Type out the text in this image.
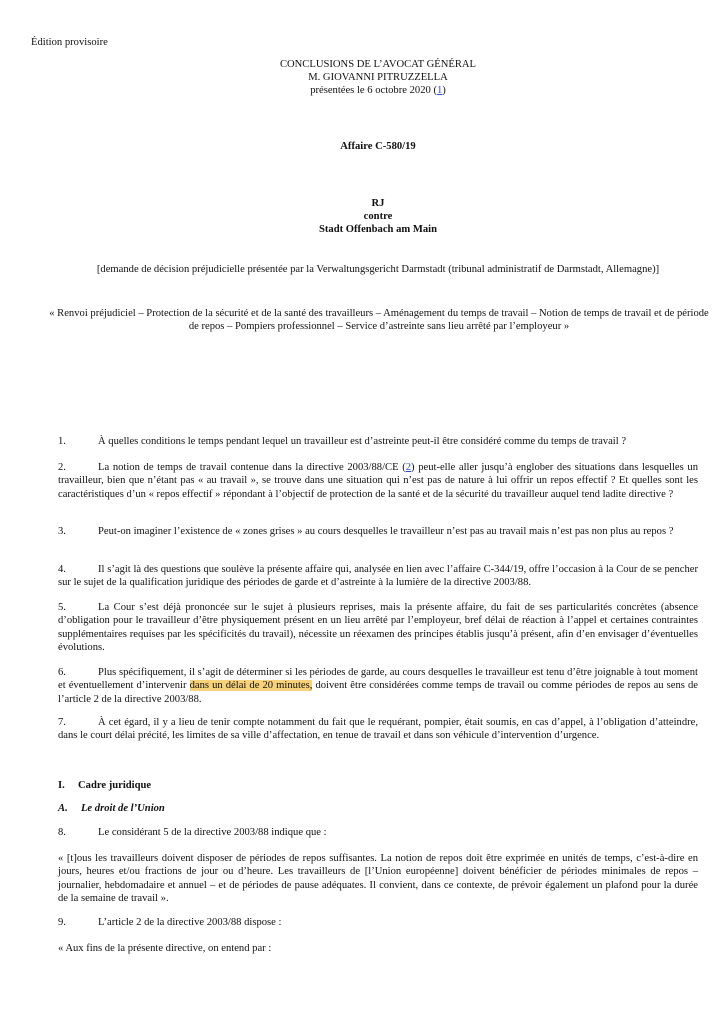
Édition provisoire
CONCLUSIONS DE L’AVOCAT GÉNÉRAL
M. GIOVANNI PITRUZZELLA
présentées le 6 octobre 2020 (1)
Affaire C‑580/19
RJ
contre
Stadt Offenbach am Main
[demande de décision préjudicielle présentée par la Verwaltungsgericht Darmstadt (tribunal administratif de Darmstadt, Allemagne)]
« Renvoi préjudiciel – Protection de la sécurité et de la santé des travailleurs – Aménagement du temps de travail – Notion de temps de travail et de période de repos – Pompiers professionnel – Service d’astreinte sans lieu arrêté par l’employeur »
1.	À quelles conditions le temps pendant lequel un travailleur est d’astreinte peut-il être considéré comme du temps de travail ?
2.	La notion de temps de travail contenue dans la directive 2003/88/CE (2) peut-elle aller jusqu’à englober des situations dans lesquelles un travailleur, bien que n’étant pas « au travail », se trouve dans une situation qui n’est pas de nature à lui offrir un repos effectif ? Et quelles sont les caractéristiques d’un « repos effectif » répondant à l’objectif de protection de la santé et de la sécurité du travailleur auquel tend ladite directive ?
3.	Peut-on imaginer l’existence de « zones grises » au cours desquelles le travailleur n’est pas au travail mais n’est pas non plus au repos ?
4.	Il s’agit là des questions que soulève la présente affaire qui, analysée en lien avec l’affaire C‑344/19, offre l’occasion à la Cour de se pencher sur le sujet de la qualification juridique des périodes de garde et d’astreinte à la lumière de la directive 2003/88.
5.	La Cour s’est déjà prononcée sur le sujet à plusieurs reprises, mais la présente affaire, du fait de ses particularités concrètes (absence d’obligation pour le travailleur d’être physiquement présent en un lieu arrêté par l’employeur, bref délai de réaction à l’appel et certaines contraintes supplémentaires requises par les spécificités du travail), nécessite un réexamen des principes établis jusqu’à présent, afin d’en envisager d’éventuelles évolutions.
6.	Plus spécifiquement, il s’agit de déterminer si les périodes de garde, au cours desquelles le travailleur est tenu d’être joignable à tout moment et éventuellement d’intervenir dans un délai de 20 minutes, doivent être considérées comme temps de travail ou comme périodes de repos au sens de l’article 2 de la directive 2003/88.
7.	À cet égard, il y a lieu de tenir compte notamment du fait que le requérant, pompier, était soumis, en cas d’appel, à l’obligation d’atteindre, dans le court délai précité, les limites de sa ville d’affectation, en tenue de travail et dans son véhicule d’intervention d’urgence.
I.     Cadre juridique
A.     Le droit de l’Union
8.	Le considérant 5 de la directive 2003/88 indique que :
« [t]ous les travailleurs doivent disposer de périodes de repos suffisantes. La notion de repos doit être exprimée en unités de temps, c’est-à-dire en jours, heures et/ou fractions de jour ou d’heure. Les travailleurs de [l’Union européenne] doivent bénéficier de périodes minimales de repos – journalier, hebdomadaire et annuel – et de périodes de pause adéquates. Il convient, dans ce contexte, de prévoir également un plafond pour la durée de la semaine de travail ».
9.	L’article 2 de la directive 2003/88 dispose :
« Aux fins de la présente directive, on entend par :
